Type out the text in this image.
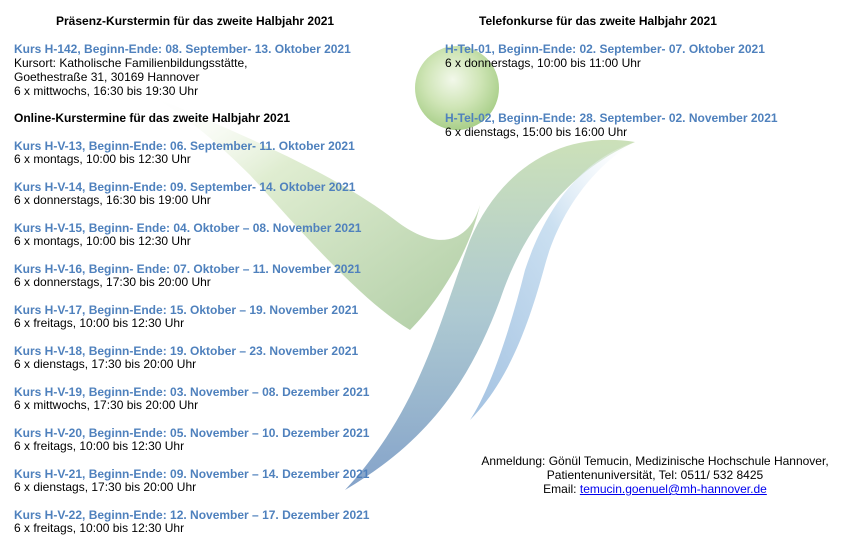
Präsenz-Kurstermin für das zweite Halbjahr 2021
Kurs H-142, Beginn-Ende: 08. September- 13. Oktober 2021
Kursort: Katholische Familienbildungsstätte,
Goethestraße 31, 30169 Hannover
6 x mittwochs, 16:30 bis 19:30 Uhr
Online-Kurstermine für das zweite Halbjahr 2021
Kurs H-V-13, Beginn-Ende: 06. September- 11. Oktober 2021
6 x montags, 10:00 bis 12:30 Uhr
Kurs H-V-14, Beginn-Ende: 09. September- 14. Oktober 2021
6 x donnerstags, 16:30 bis 19:00 Uhr
Kurs H-V-15, Beginn- Ende: 04. Oktober – 08. November 2021
6 x montags, 10:00 bis 12:30 Uhr
Kurs H-V-16, Beginn- Ende: 07. Oktober – 11. November 2021
6 x donnerstags, 17:30 bis 20:00 Uhr
Kurs H-V-17, Beginn-Ende: 15. Oktober – 19. November 2021
6 x freitags, 10:00 bis 12:30 Uhr
Kurs H-V-18, Beginn-Ende: 19. Oktober – 23. November 2021
6 x dienstags, 17:30 bis 20:00 Uhr
Kurs H-V-19, Beginn-Ende: 03. November – 08. Dezember 2021
6 x mittwochs, 17:30 bis 20:00 Uhr
Kurs H-V-20, Beginn-Ende: 05. November – 10. Dezember 2021
6 x freitags, 10:00 bis 12:30 Uhr
Kurs H-V-21, Beginn-Ende: 09. November – 14. Dezember 2021
6 x dienstags, 17:30 bis 20:00 Uhr
Kurs H-V-22, Beginn-Ende: 12. November – 17. Dezember 2021
6 x freitags, 10:00 bis 12:30 Uhr
Telefonkurse für das zweite Halbjahr 2021
H-Tel-01, Beginn-Ende: 02. September- 07. Oktober 2021
6 x donnerstags, 10:00 bis 11:00 Uhr
H-Tel-02, Beginn-Ende: 28. September- 02. November 2021
6 x dienstags, 15:00 bis 16:00 Uhr
Anmeldung: Gönül Temucin, Medizinische Hochschule Hannover,
Patientenuniversität, Tel: 0511/ 532 8425
Email: temucin.goenuel@mh-hannover.de
